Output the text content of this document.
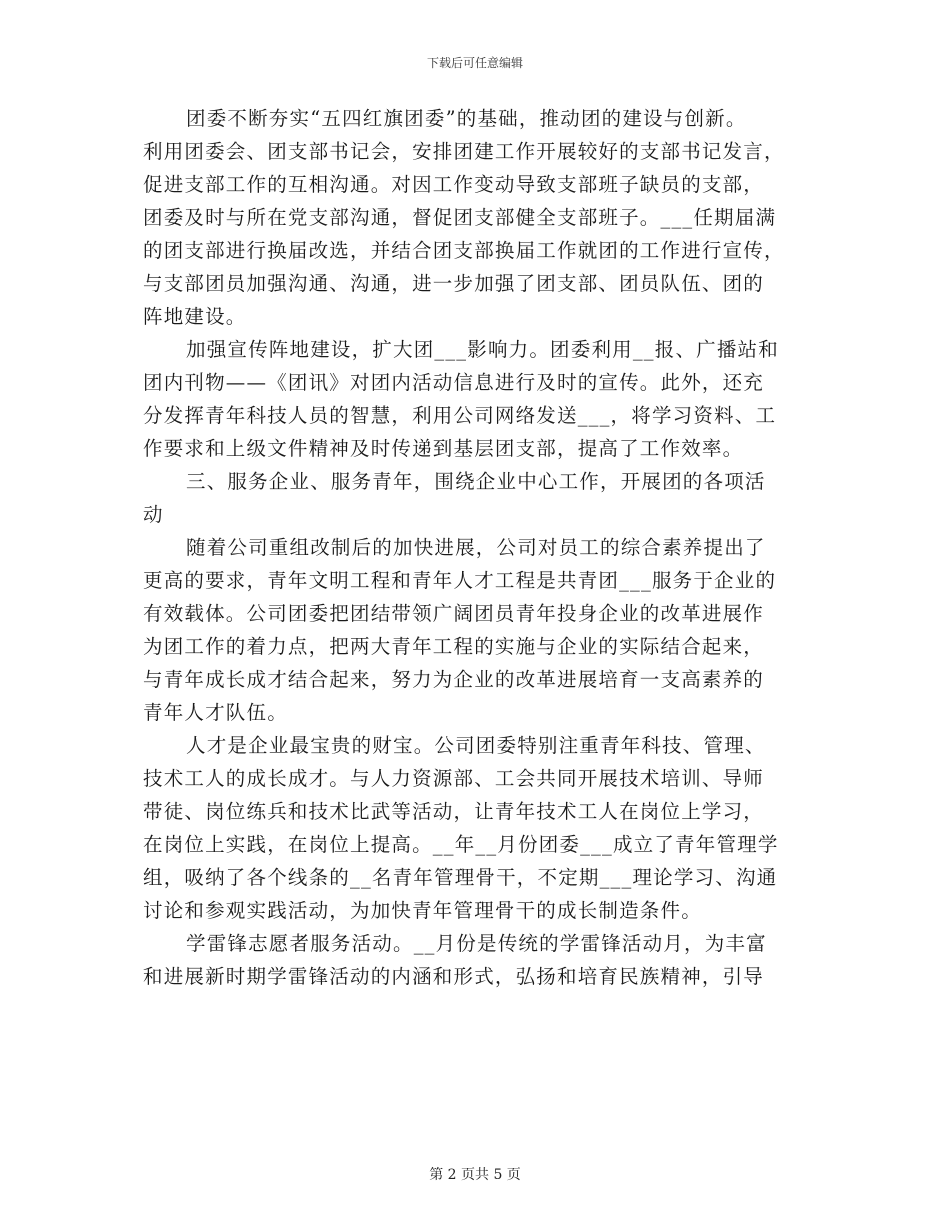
下载后可任意编辑

团委不断夯实“五四红旗团委”的基础，推动团的建设与创新。
利用团委会、团支部书记会，安排团建工作开展较好的支部书记发言，
促进支部工作的互相沟通。对因工作变动导致支部班子缺员的支部，
团委及时与所在党支部沟通，督促团支部健全支部班子。___任期届满
的团支部进行换届改选，并结合团支部换届工作就团的工作进行宣传，
与支部团员加强沟通、沟通，进一步加强了团支部、团员队伍、团的
阵地建设。

加强宣传阵地建设，扩大团___影响力。团委利用__报、广播站和
团内刊物——《团讯》对团内活动信息进行及时的宣传。此外，还充
分发挥青年科技人员的智慧，利用公司网络发送___，将学习资料、工
作要求和上级文件精神及时传递到基层团支部，提高了工作效率。

三、服务企业、服务青年，围绕企业中心工作，开展团的各项活
动

随着公司重组改制后的加快进展，公司对员工的综合素养提出了
更高的要求，青年文明工程和青年人才工程是共青团___服务于企业的
有效载体。公司团委把团结带领广阔团员青年投身企业的改革进展作
为团工作的着力点，把两大青年工程的实施与企业的实际结合起来，
与青年成长成才结合起来，努力为企业的改革进展培育一支高素养的
青年人才队伍。

人才是企业最宝贵的财宝。公司团委特别注重青年科技、管理、
技术工人的成长成才。与人力资源部、工会共同开展技术培训、导师
带徒、岗位练兵和技术比武等活动，让青年技术工人在岗位上学习，
在岗位上实践，在岗位上提高。__年__月份团委___成立了青年管理学
组，吸纳了各个线条的__名青年管理骨干，不定期___理论学习、沟通
讨论和参观实践活动，为加快青年管理骨干的成长制造条件。

学雷锋志愿者服务活动。__月份是传统的学雷锋活动月，为丰富
和进展新时期学雷锋活动的内涵和形式，弘扬和培育民族精神，引导

第 2 页共 5 页
